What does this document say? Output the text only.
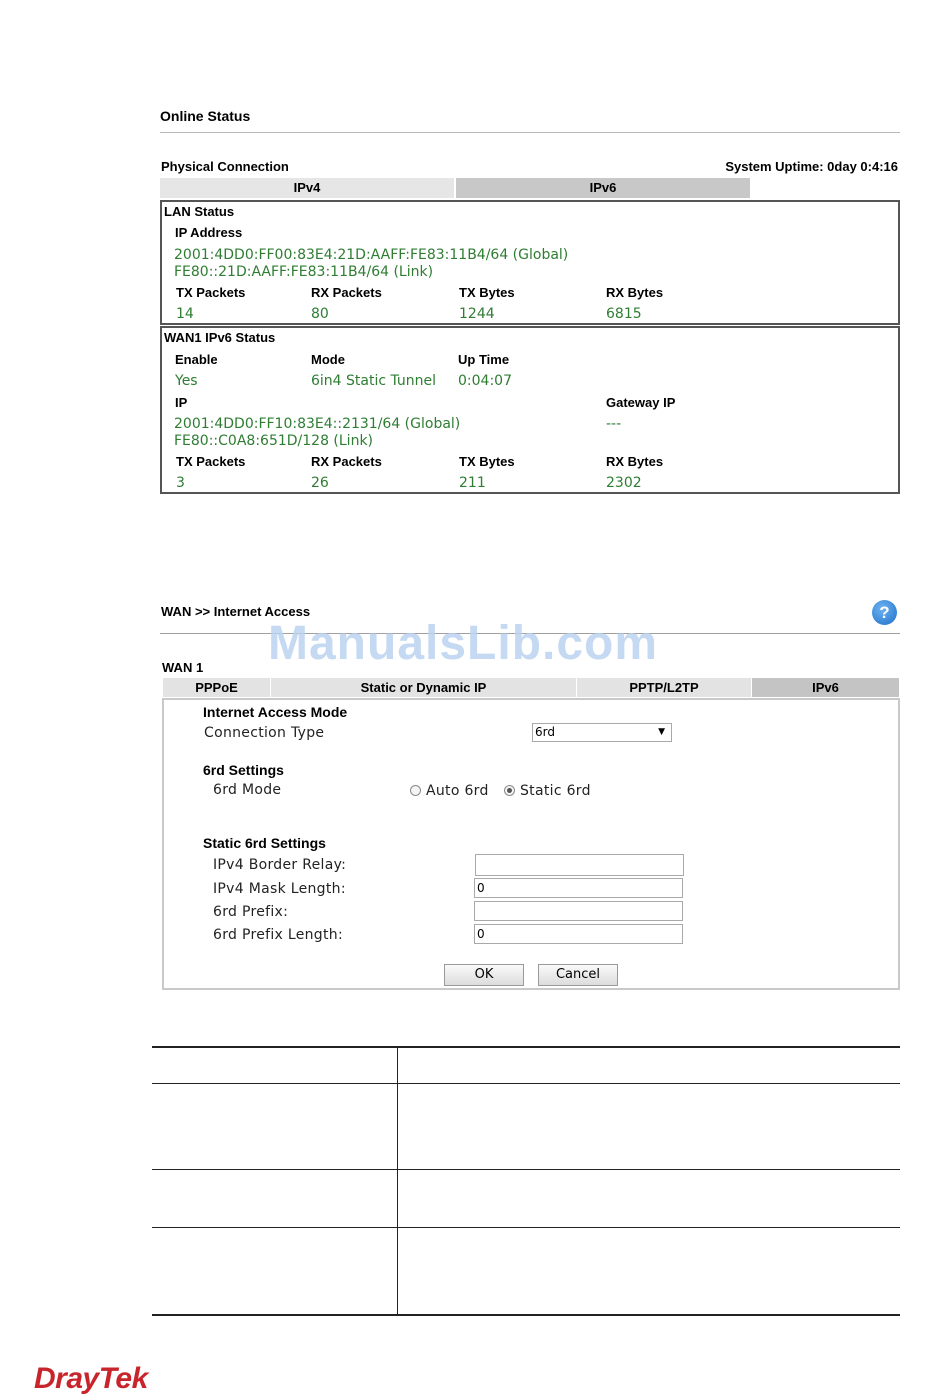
Online Status
Physical Connection	System Uptime: 0day 0:4:16
IPv4	IPv6
LAN Status
IP Address
2001:4DD0:FF00:83E4:21D:AAFF:FE83:11B4/64 (Global)
FE80::21D:AAFF:FE83:11B4/64 (Link)
TX Packets	RX Packets	TX Bytes	RX Bytes
14	80	1244	6815
WAN1 IPv6 Status
Enable	Mode	Up Time
Yes	6in4 Static Tunnel 0:04:07
IP	Gateway IP
2001:4DD0:FF10:83E4::2131/64 (Global)	---
FE80::C0A8:651D/128 (Link)
TX Packets	RX Packets	TX Bytes	RX Bytes
3	26	211	2302
WAN >> Internet Access	?
ManualsLib.com
WAN 1
PPPoE	Static or Dynamic IP	PPTP/L2TP	IPv6
Internet Access Mode
Connection Type	6rd	▼
6rd Settings
6rd Mode	Auto 6rd Static 6rd
Static 6rd Settings
IPv4 Border Relay:
IPv4 Mask Length:	0
6rd Prefix:
6rd Prefix Length:	0
OK	Cancel
DrayTek
